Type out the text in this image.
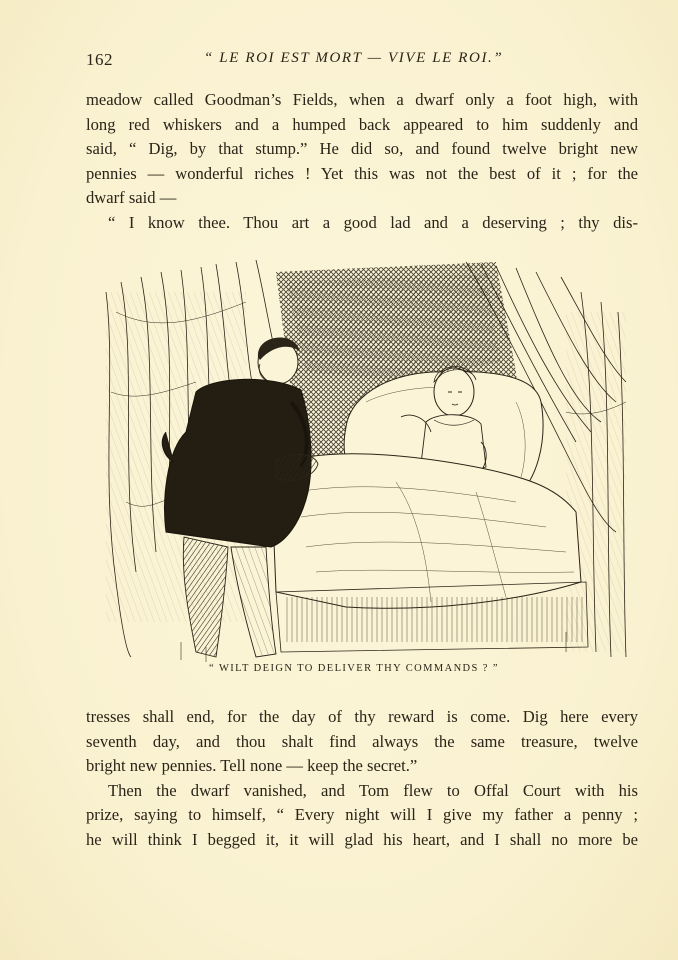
162	“ LE ROI EST MORT — VIVE LE ROI.”

meadow called Goodman’s Fields, when a dwarf only a foot high, with
long red whiskers and a humped back appeared to him suddenly and
said, “ Dig, by that stump.” He did so, and found twelve bright new
pennies — wonderful riches ! Yet this was not the best of it ; for the
dwarf said —

“ I know thee. Thou art a good lad and a deserving ; thy dis-

“ WILT DEIGN TO DELIVER THY COMMANDS ? ”

tresses shall end, for the day of thy reward is come. Dig here every
seventh day, and thou shalt find always the same treasure, twelve
bright new pennies. Tell none — keep the secret.”

Then the dwarf vanished, and Tom flew to Offal Court with his
prize, saying to himself, “ Every night will I give my father a penny ;
he will think I begged it, it will glad his heart, and I shall no more be
